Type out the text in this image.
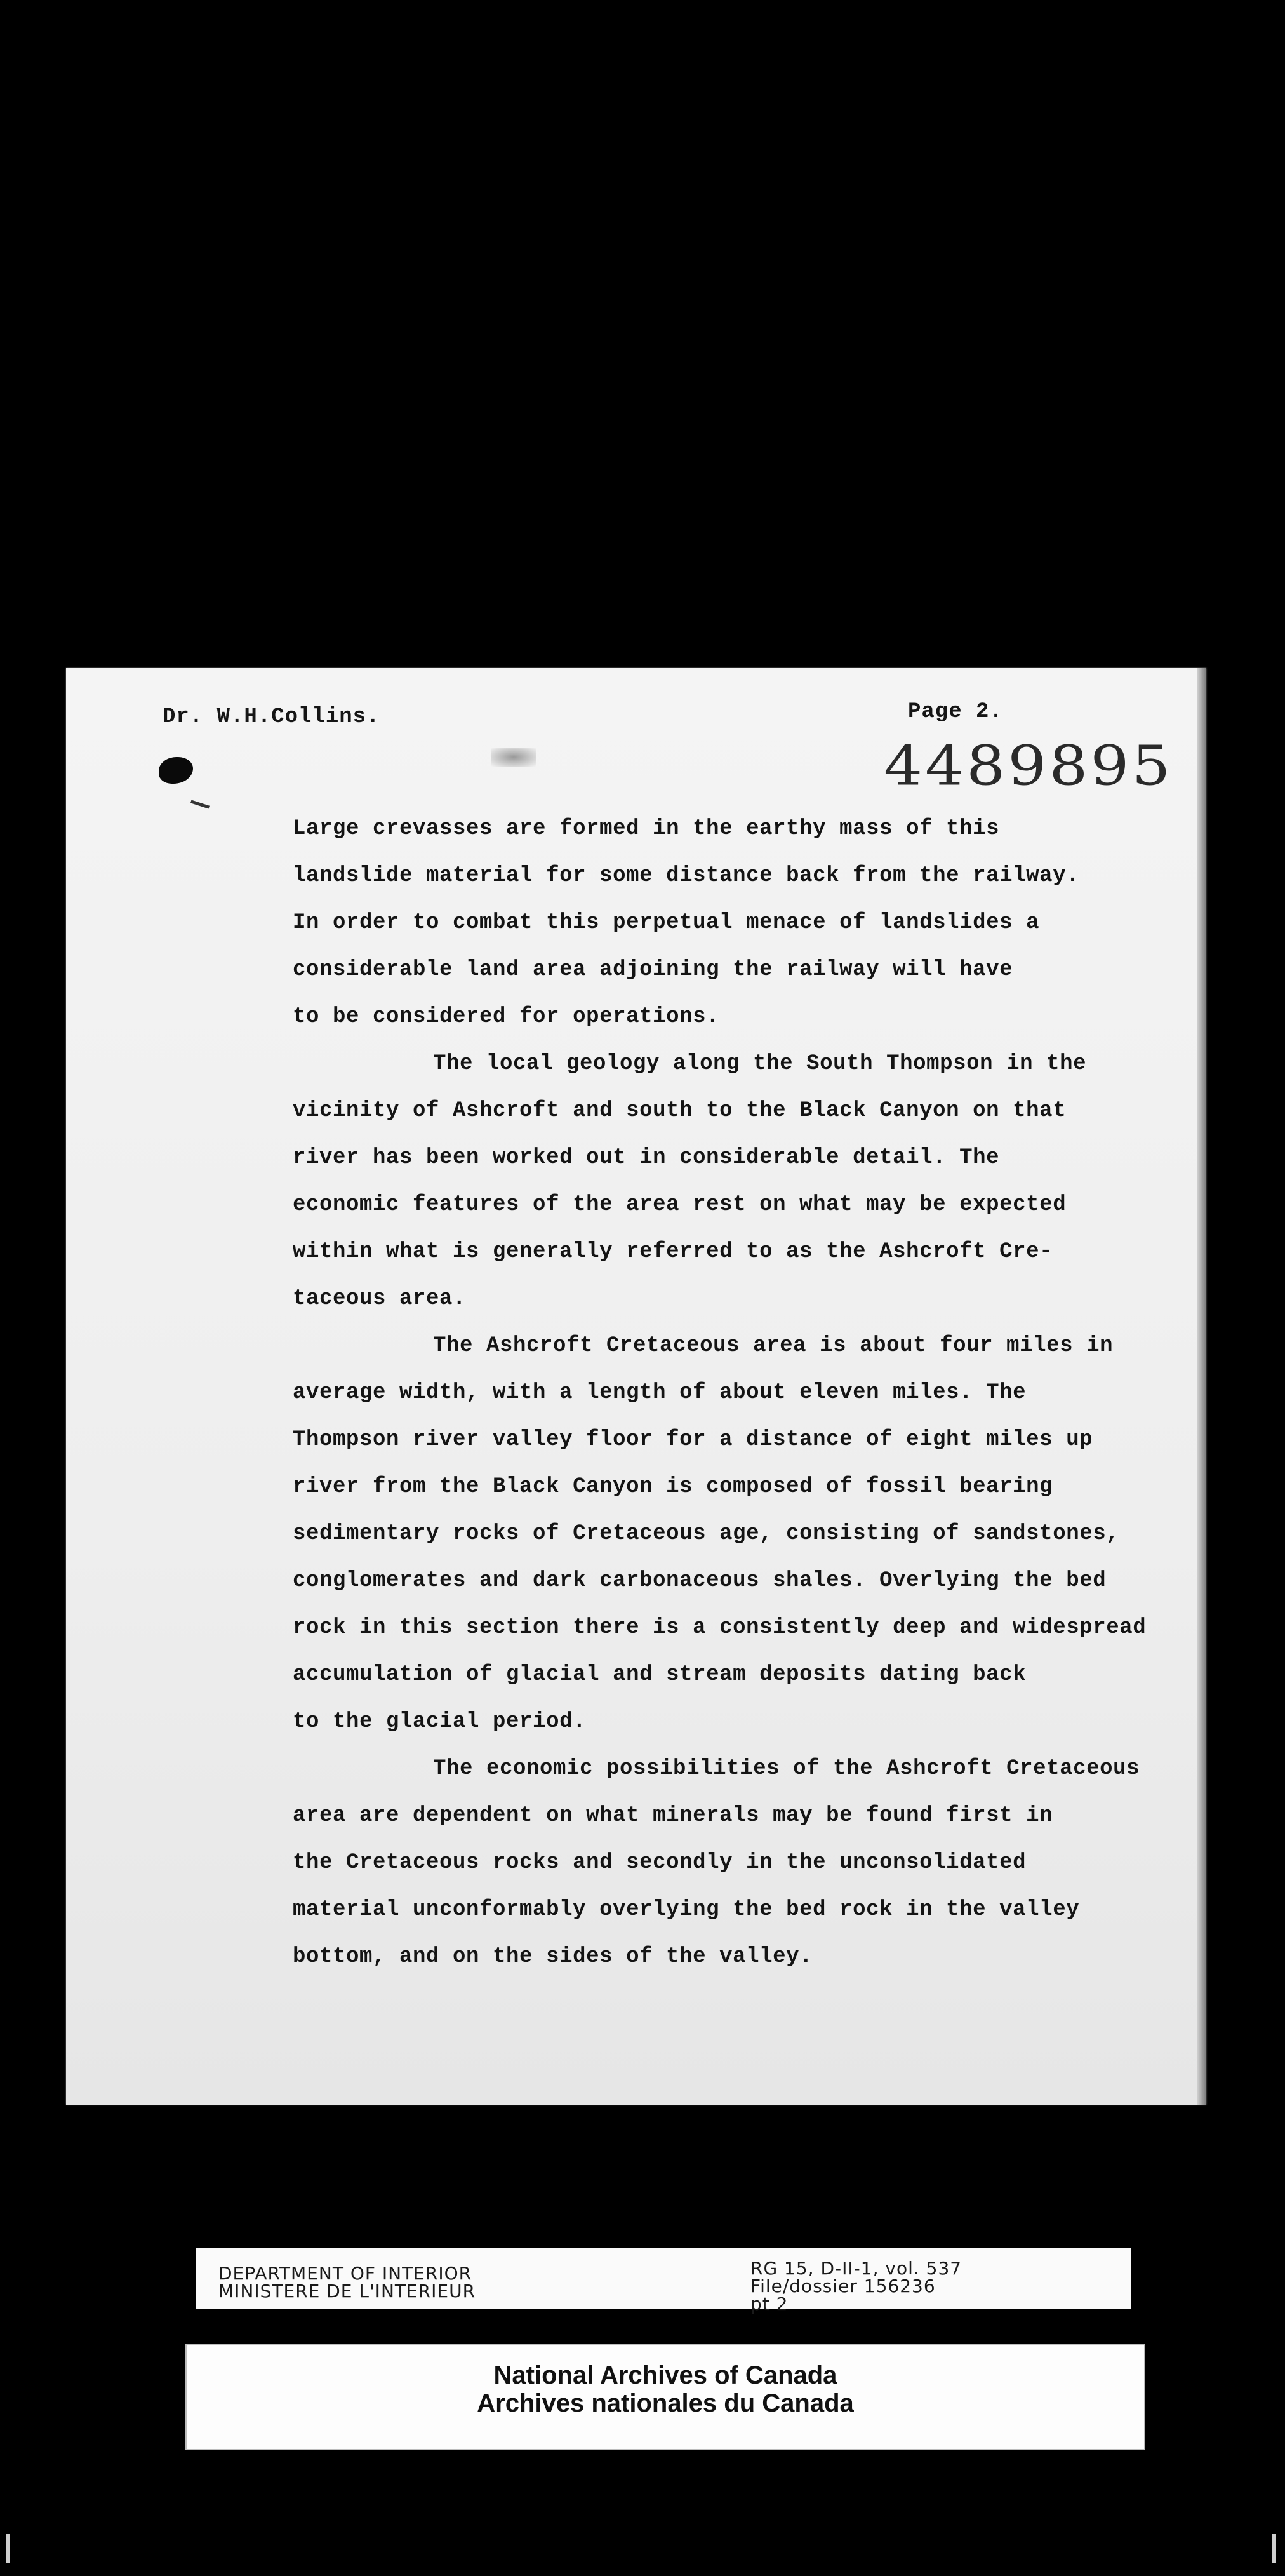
Dr. W.H.Collins.	Page 2.
4489895
Large crevasses are formed in the earthy mass of this
landslide material for some distance back from the railway.
In order to combat this perpetual menace of landslides a
considerable land area adjoining the railway will have
to be considered for operations.
The local geology along the South Thompson in the
vicinity of Ashcroft and south to the Black Canyon on that
river has been worked out in considerable detail. The
economic features of the area rest on what may be expected
within what is generally referred to as the Ashcroft Cre-
taceous area.
The Ashcroft Cretaceous area is about four miles in
average width, with a length of about eleven miles. The
Thompson river valley floor for a distance of eight miles up
river from the Black Canyon is composed of fossil bearing
sedimentary rocks of Cretaceous age, consisting of sandstones,
conglomerates and dark carbonaceous shales. Overlying the bed
rock in this section there is a consistently deep and widespread
accumulation of glacial and stream deposits dating back
to the glacial period.
The economic possibilities of the Ashcroft Cretaceous
area are dependent on what minerals may be found first in
the Cretaceous rocks and secondly in the unconsolidated
material unconformably overlying the bed rock in the valley
bottom, and on the sides of the valley.
DEPARTMENT OF INTERIOR
MINISTERE DE L'INTERIEUR
RG 15, D-II-1, vol. 537
File/dossier 156236
pt 2
National Archives of Canada
Archives nationales du Canada
